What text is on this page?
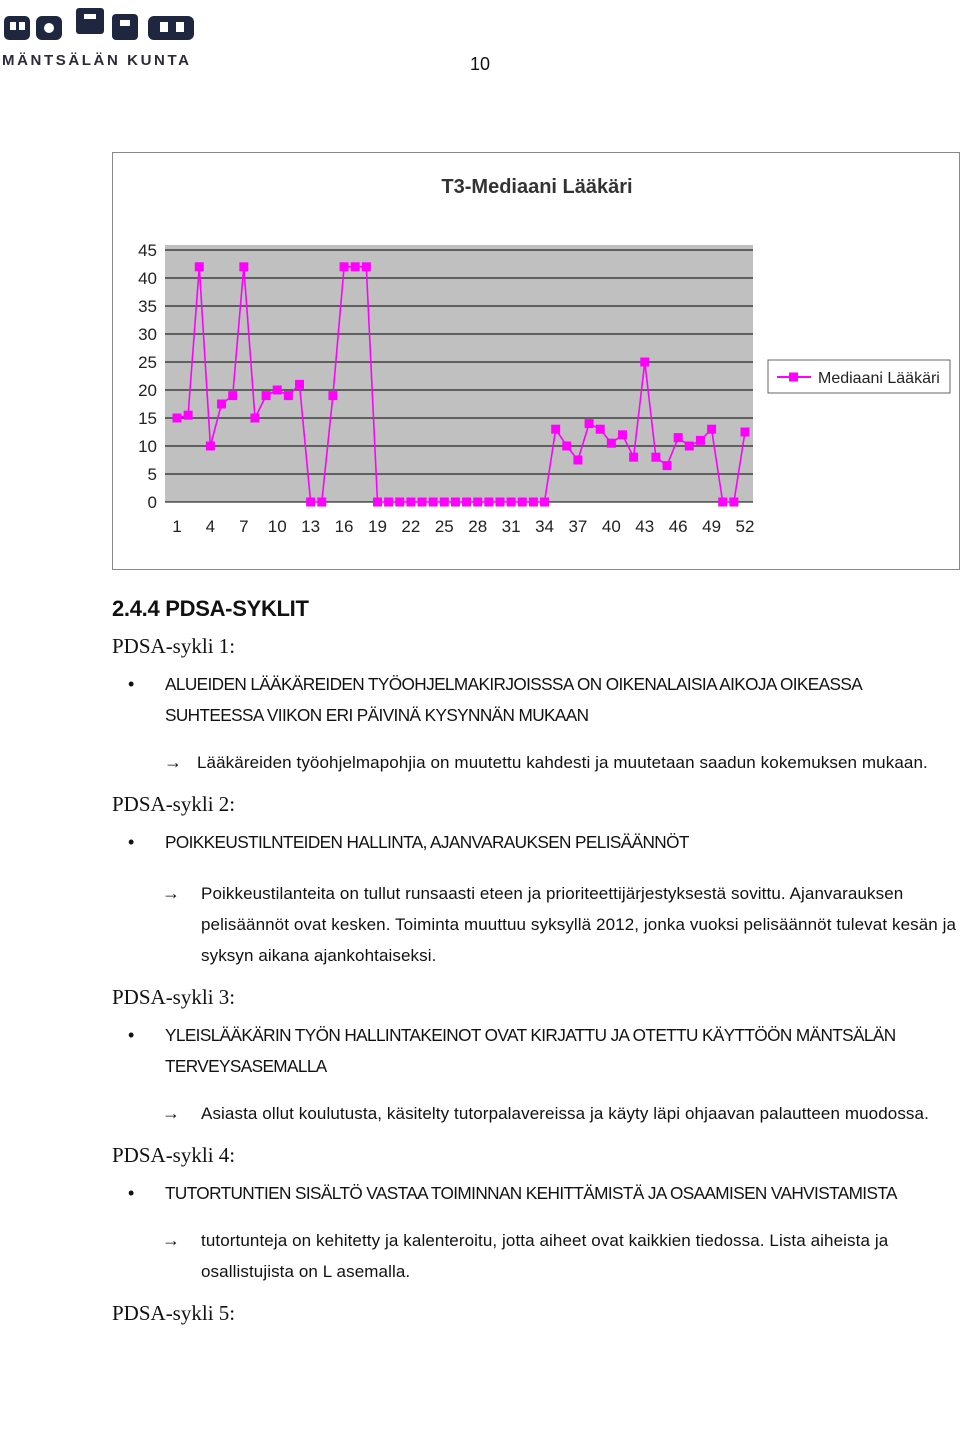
MÄNTSÄLÄN KUNTA	10
T3-Mediaani Lääkäri
0
5
10
15
20
25
30
35
40
45
1 4 7 10 13 16 19 22 25 28 31 34 37 40 43 46 49 52
Mediaani Lääkäri
2.4.4 PDSA-SYKLIT
PDSA-sykli 1:
• ALUEIDEN LÄÄKÄREIDEN TYÖOHJELMAKIRJOISSSA ON OIKENALAISIA AIKOJA OIKEASSA SUHTEESSA VIIKON ERI PÄIVINÄ KYSYNNÄN MUKAAN
→ Lääkäreiden työohjelmapohjia on muutettu kahdesti ja muutetaan saadun kokemuksen mukaan.
PDSA-sykli 2:
• POIKKEUSTILNTEIDEN HALLINTA, AJANVARAUKSEN PELISÄÄNNÖT
→ Poikkeustilanteita on tullut runsaasti eteen ja prioriteettijärjestyksestä sovittu. Ajanvarauksen pelisäännöt ovat kesken. Toiminta muuttuu syksyllä 2012, jonka vuoksi pelisäännöt tulevat kesän ja syksyn aikana ajankohtaiseksi.
PDSA-sykli 3:
• YLEISLÄÄKÄRIN TYÖN HALLINTAKEINOT OVAT KIRJATTU JA OTETTU KÄYTTÖÖN MÄNTSÄLÄN TERVEYSASEMALLA
→ Asiasta ollut koulutusta, käsitelty tutorpalavereissa ja käyty läpi ohjaavan palautteen muodossa.
PDSA-sykli 4:
• TUTORTUNTIEN SISÄLTÖ VASTAA TOIMINNAN KEHITTÄMISTÄ JA OSAAMISEN VAHVISTAMISTA
→ tutortunteja on kehitetty ja kalenteroitu, jotta aiheet ovat kaikkien tiedossa. Lista aiheista ja osallistujista on L asemalla.
PDSA-sykli 5:
